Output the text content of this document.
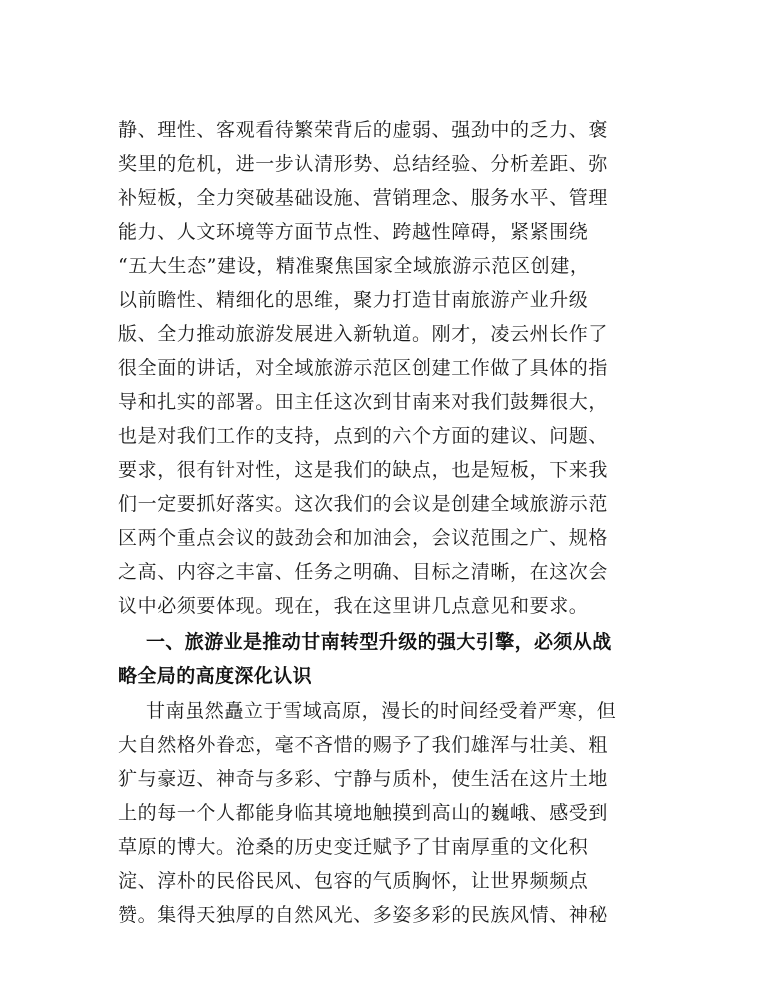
静、理性、客观看待繁荣背后的虚弱、强劲中的乏力、褒
奖里的危机，进一步认清形势、总结经验、分析差距、弥
补短板，全力突破基础设施、营销理念、服务水平、管理
能力、人文环境等方面节点性、跨越性障碍，紧紧围绕
“五大生态”建设，精准聚焦国家全域旅游示范区创建，
以前瞻性、精细化的思维，聚力打造甘南旅游产业升级
版、全力推动旅游发展进入新轨道。刚才，凌云州长作了
很全面的讲话，对全域旅游示范区创建工作做了具体的指
导和扎实的部署。田主任这次到甘南来对我们鼓舞很大，
也是对我们工作的支持，点到的六个方面的建议、问题、
要求，很有针对性，这是我们的缺点，也是短板，下来我
们一定要抓好落实。这次我们的会议是创建全域旅游示范
区两个重点会议的鼓劲会和加油会，会议范围之广、规格
之高、内容之丰富、任务之明确、目标之清晰，在这次会
议中必须要体现。现在，我在这里讲几点意见和要求。
一、旅游业是推动甘南转型升级的强大引擎，必须从战
略全局的高度深化认识
甘南虽然矗立于雪域高原，漫长的时间经受着严寒，但
大自然格外眷恋，毫不吝惜的赐予了我们雄浑与壮美、粗
犷与豪迈、神奇与多彩、宁静与质朴，使生活在这片土地
上的每一个人都能身临其境地触摸到高山的巍峨、感受到
草原的博大。沧桑的历史变迁赋予了甘南厚重的文化积
淀、淳朴的民俗民风、包容的气质胸怀，让世界频频点
赞。集得天独厚的自然风光、多姿多彩的民族风情、神秘
